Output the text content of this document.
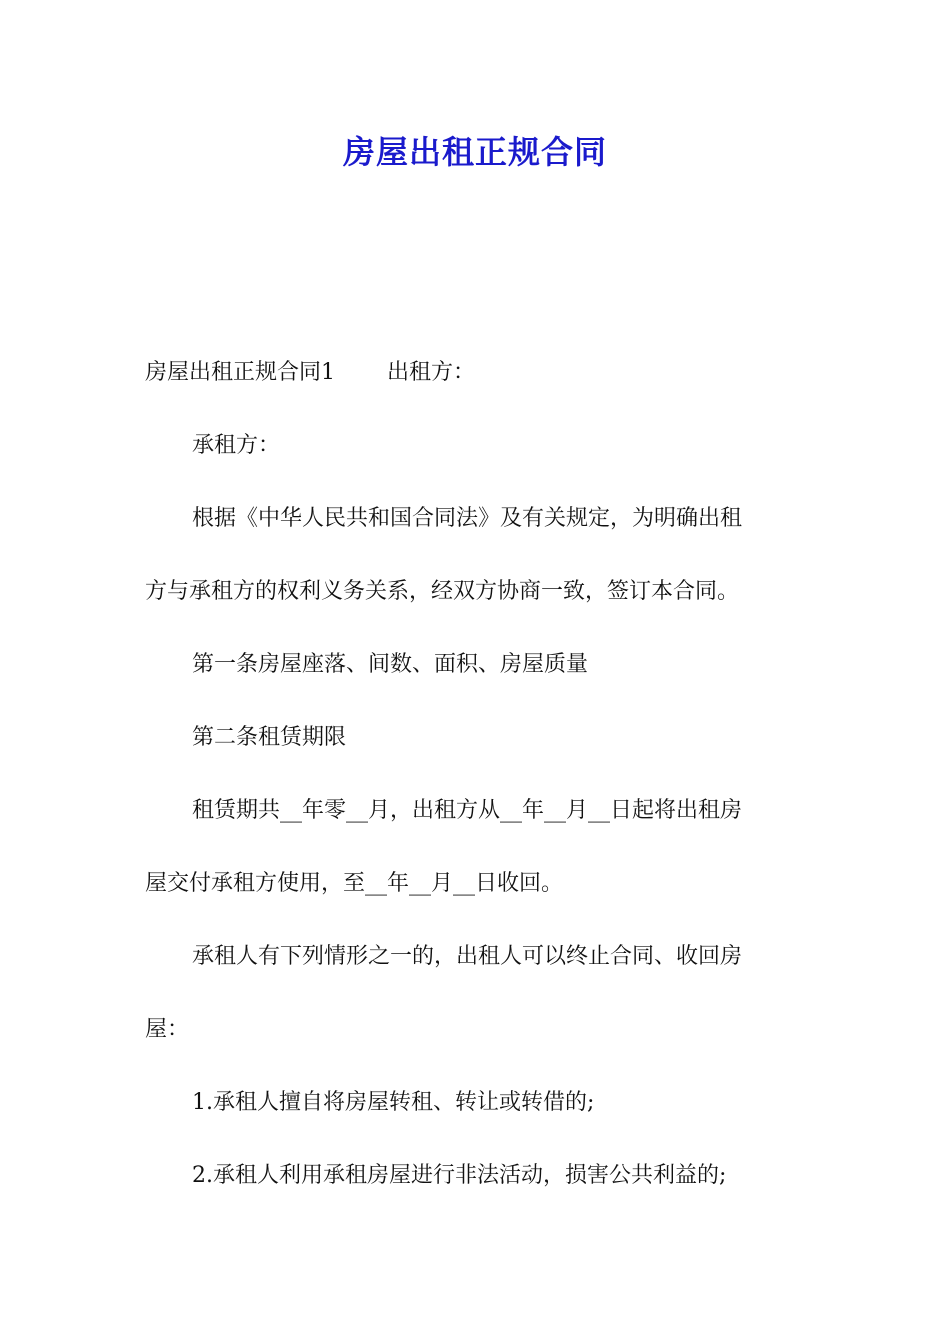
房屋出租正规合同

房屋出租正规合同1 出租方：

承租方：

根据《中华人民共和国合同法》及有关规定，为明确出租

方与承租方的权利义务关系，经双方协商一致，签订本合同。

第一条房屋座落、间数、面积、房屋质量

第二条租赁期限

租赁期共__年零__月，出租方从__年__月__日起将出租房

屋交付承租方使用，至__年__月__日收回。

承租人有下列情形之一的，出租人可以终止合同、收回房

屋：

1.承租人擅自将房屋转租、转让或转借的;

2.承租人利用承租房屋进行非法活动，损害公共利益的;
